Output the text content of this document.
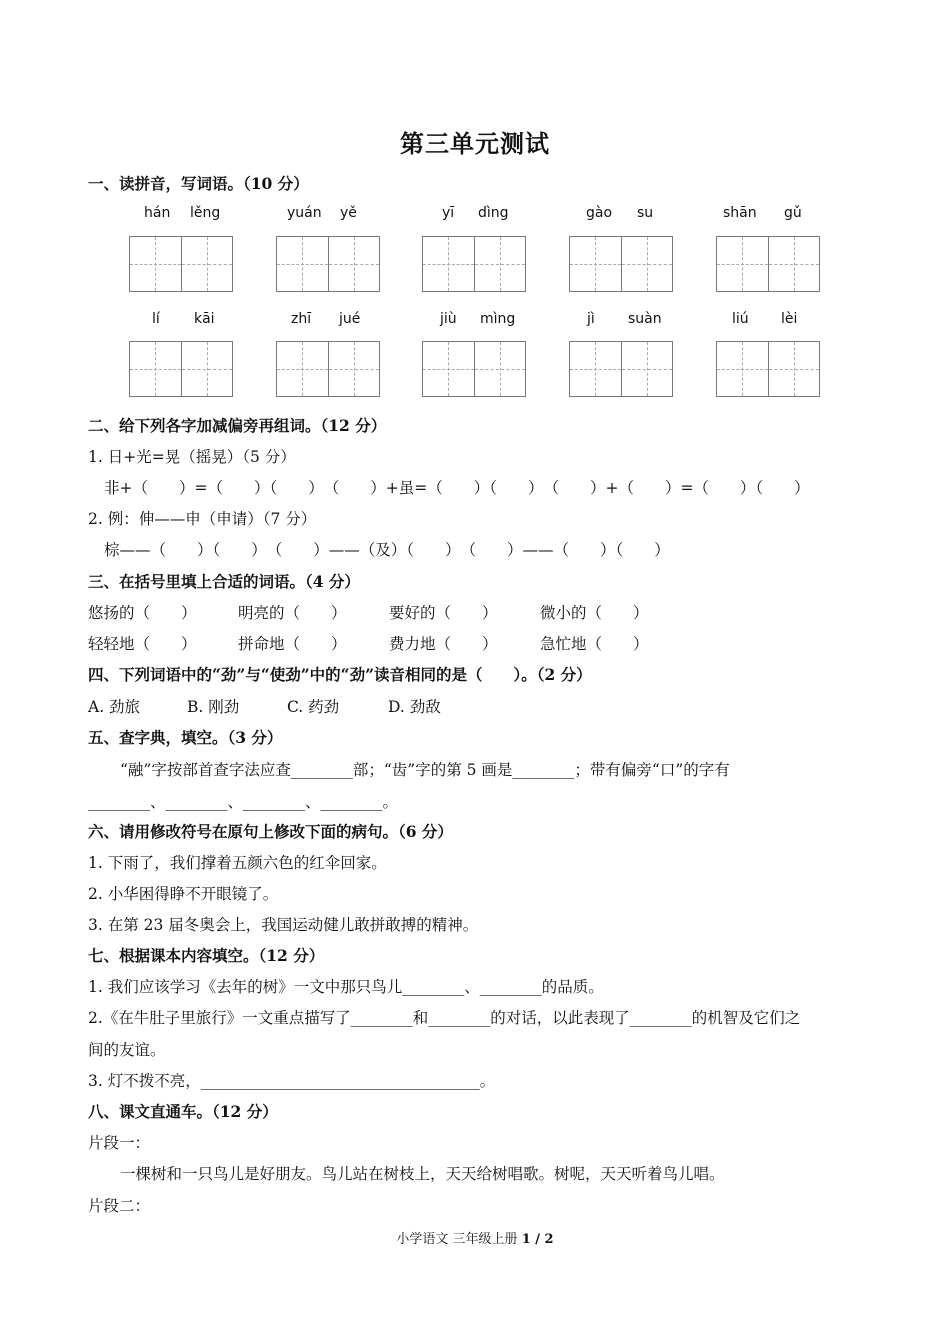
第三单元测试
一、读拼音，写词语。（10 分）
hán lěng	yuán yě	yī dìng	gào su	shān gǔ
lí kāi	zhī jué	jiù mìng	jì suàn	liú lèi
二、给下列各字加减偏旁再组词。（12 分）
1. 日+光=晃（摇晃）（5 分）
非+（　　）=（　　）（　　）　（　　）+虽=（　　）（　　）　（　　）+（　　）=（　　）（　　）
2. 例：伸——申（申请）（7 分）
棕——（　　）（　　）　（　　）——（及）（　　）　（　　）——（　　）（　　）
三、在括号里填上合适的词语。（4 分）
悠扬的（　　）	明亮的（　　）	要好的（　　）	微小的（　　）
轻轻地（　　）	拼命地（　　）	费力地（　　）	急忙地（　　）
四、下列词语中的“劲”与“使劲”中的“劲”读音相同的是（　　）。（2 分）
A. 劲旅	B. 刚劲	C. 药劲	D. 劲敌
五、查字典，填空。（3 分）
“融”字按部首查字法应查________部；“齿”字的第 5 画是________；带有偏旁“口”的字有
________、________、________、________。
六、请用修改符号在原句上修改下面的病句。（6 分）
1. 下雨了，我们撑着五颜六色的红伞回家。
2. 小华困得睁不开眼镜了。
3. 在第 23 届冬奥会上，我国运动健儿敢拼敢搏的精神。
七、根据课本内容填空。（12 分）
1. 我们应该学习《去年的树》一文中那只鸟儿________、________的品质。
2.《在牛肚子里旅行》一文重点描写了________和________的对话，以此表现了________的机智及它们之
间的友谊。
3. 灯不拨不亮，____________________________________。
八、课文直通车。（12 分）
片段一：
一棵树和一只鸟儿是好朋友。鸟儿站在树枝上，天天给树唱歌。树呢，天天听着鸟儿唱。
片段二：
小学语文 三年级上册 1 / 2
